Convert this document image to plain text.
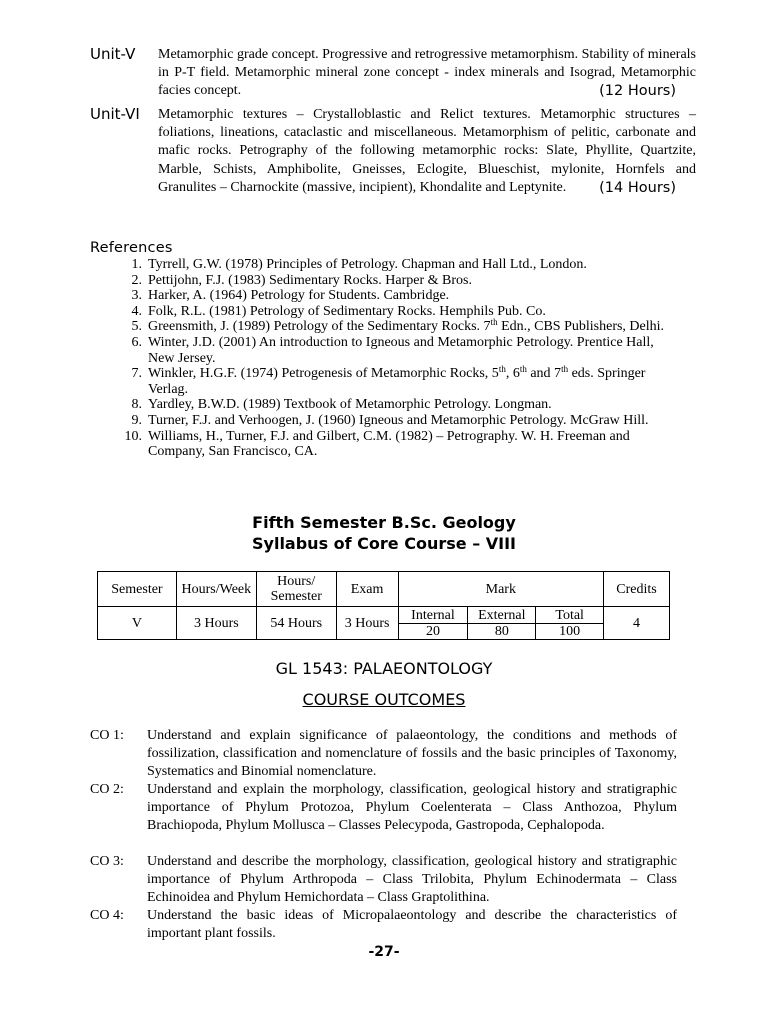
Unit-V Metamorphic grade concept. Progressive and retrogressive metamorphism. Stability of minerals in P-T field. Metamorphic mineral zone concept - index minerals and Isograd, Metamorphic facies concept.	(12 Hours)
Unit-VI Metamorphic textures – Crystalloblastic and Relict textures. Metamorphic structures – foliations, lineations, cataclastic and miscellaneous. Metamorphism of pelitic, carbonate and mafic rocks. Petrography of the following metamorphic rocks: Slate, Phyllite, Quartzite, Marble, Schists, Amphibolite, Gneisses, Eclogite, Blueschist, mylonite, Hornfels and Granulites – Charnockite (massive, incipient), Khondalite and Leptynite. (14 Hours)
References
1. Tyrrell, G.W. (1978) Principles of Petrology. Chapman and Hall Ltd., London.
2. Pettijohn, F.J. (1983) Sedimentary Rocks. Harper & Bros.
3. Harker, A. (1964) Petrology for Students. Cambridge.
4. Folk, R.L. (1981) Petrology of Sedimentary Rocks. Hemphils Pub. Co.
5. Greensmith, J. (1989) Petrology of the Sedimentary Rocks. 7th Edn., CBS Publishers, Delhi.
6. Winter, J.D. (2001) An introduction to Igneous and Metamorphic Petrology. Prentice Hall, New Jersey.
7. Winkler, H.G.F. (1974) Petrogenesis of Metamorphic Rocks, 5th, 6th and 7th eds. Springer Verlag.
8. Yardley, B.W.D. (1989) Textbook of Metamorphic Petrology. Longman.
9. Turner, F.J. and Verhoogen, J. (1960) Igneous and Metamorphic Petrology. McGraw Hill.
10. Williams, H., Turner, F.J. and Gilbert, C.M. (1982) – Petrography. W. H. Freeman and Company, San Francisco, CA.
Fifth Semester B.Sc. Geology
Syllabus of Core Course – VIII
Semester	Hours/Week	Hours/ Semester	Exam	Mark			Credits

V	3 Hours	54 Hours	3 Hours	Internal	External	Total	4
				20	80	100	
GL 1543: PALAEONTOLOGY
COURSE OUTCOMES
CO 1: Understand and explain significance of palaeontology, the conditions and methods of fossilization, classification and nomenclature of fossils and the basic principles of Taxonomy, Systematics and Binomial nomenclature.
CO 2: Understand and explain the morphology, classification, geological history and stratigraphic importance of Phylum Protozoa, Phylum Coelenterata – Class Anthozoa, Phylum Brachiopoda, Phylum Mollusca – Classes Pelecypoda, Gastropoda, Cephalopoda.
CO 3: Understand and describe the morphology, classification, geological history and stratigraphic importance of Phylum Arthropoda – Class Trilobita, Phylum Echinodermata – Class Echinoidea and Phylum Hemichordata – Class Graptolithina.
CO 4: Understand the basic ideas of Micropalaeontology and describe the characteristics of important plant fossils.
-27-
